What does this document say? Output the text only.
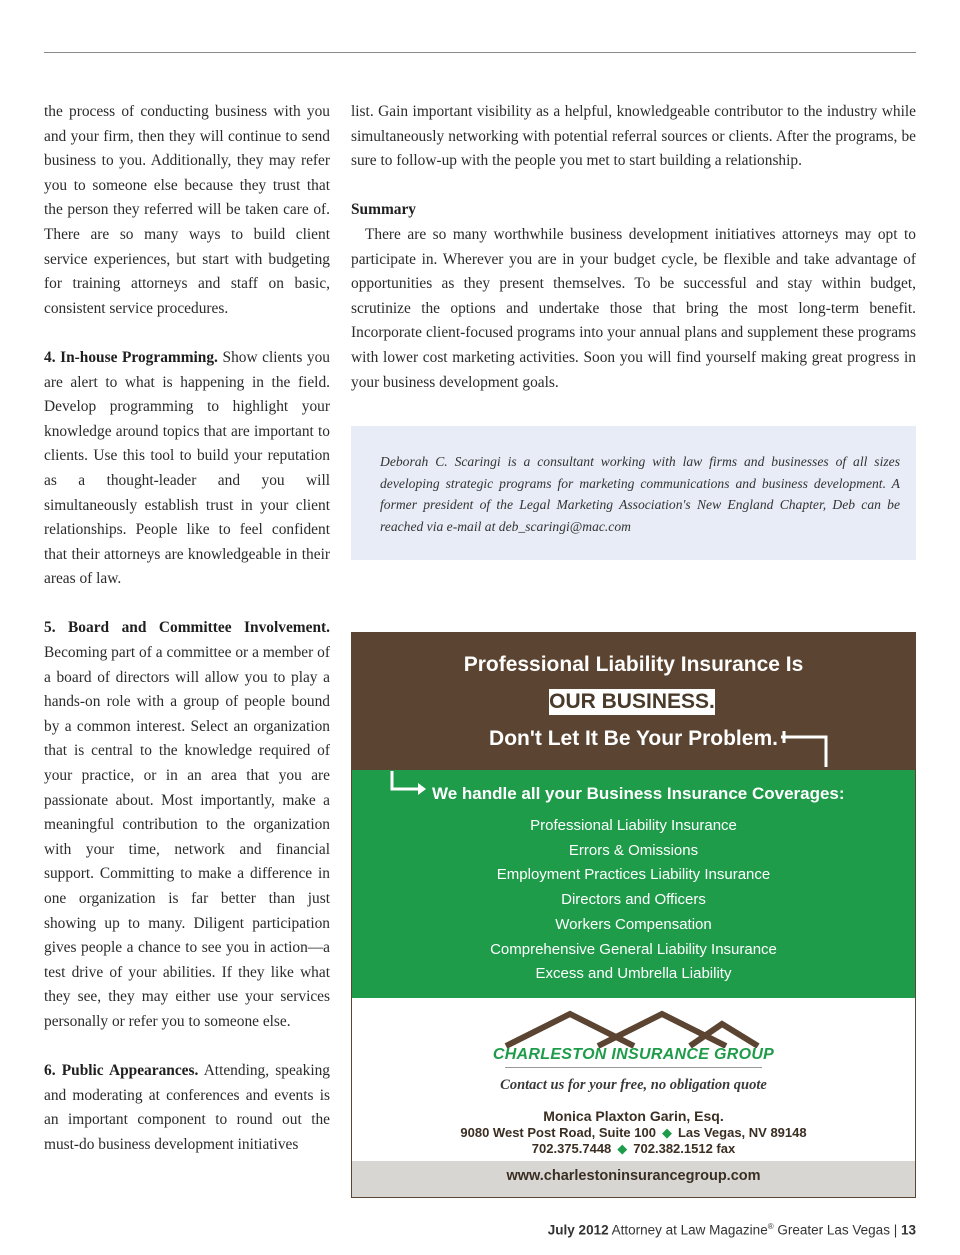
the process of conducting business with you and your firm, then they will continue to send business to you. Additionally, they may refer you to someone else because they trust that the person they referred will be taken care of. There are so many ways to build client service experiences, but start with budgeting for training attorneys and staff on basic, consistent service procedures.

4. In-house Programming. Show clients you are alert to what is happening in the field. Develop programming to highlight your knowledge around topics that are important to clients. Use this tool to build your reputation as a thought-leader and you will simultaneously establish trust in your client relationships. People like to feel confident that their attorneys are knowledgeable in their areas of law.

5. Board and Committee Involvement. Becoming part of a committee or a member of a board of directors will allow you to play a hands-on role with a group of people bound by a common interest. Select an organization that is central to the knowledge required of your practice, or in an area that you are passionate about. Most importantly, make a meaningful contribution to the organization with your time, network and financial support. Committing to make a difference in one organization is far better than just showing up to many. Diligent participation gives people a chance to see you in action—a test drive of your abilities. If they like what they see, they may either use your services personally or refer you to someone else.

6. Public Appearances. Attending, speaking and moderating at conferences and events is an important component to round out the must-do business development initiatives

list. Gain important visibility as a helpful, knowledgeable contributor to the industry while simultaneously networking with potential referral sources or clients. After the programs, be sure to follow-up with the people you met to start building a relationship.

Summary

There are so many worthwhile business development initiatives attorneys may opt to participate in. Wherever you are in your budget cycle, be flexible and take advantage of opportunities as they present themselves. To be successful and stay within budget, scrutinize the options and undertake those that bring the most long-term benefit. Incorporate client-focused programs into your annual plans and supplement these programs with lower cost marketing activities. Soon you will find yourself making great progress in your business development goals.

Deborah C. Scaringi is a consultant working with law firms and businesses of all sizes developing strategic programs for marketing communications and business development. A former president of the Legal Marketing Association's New England Chapter, Deb can be reached via e-mail at deb_scaringi@mac.com
Professional Liability Insurance Is
OUR BUSINESS.
Don't Let It Be Your Problem.
We handle all your Business Insurance Coverages:
Professional Liability Insurance
Errors & Omissions
Employment Practices Liability Insurance
Directors and Officers
Workers Compensation
Comprehensive General Liability Insurance
Excess and Umbrella Liability
CHARLESTON INSURANCE GROUP
Contact us for your free, no obligation quote
Monica Plaxton Garin, Esq.
9080 West Post Road, Suite 100 ◆ Las Vegas, NV 89148
702.375.7448 ◆ 702.382.1512 fax
www.charlestoninsurancegroup.com
July 2012 Attorney at Law Magazine® Greater Las Vegas | 13
